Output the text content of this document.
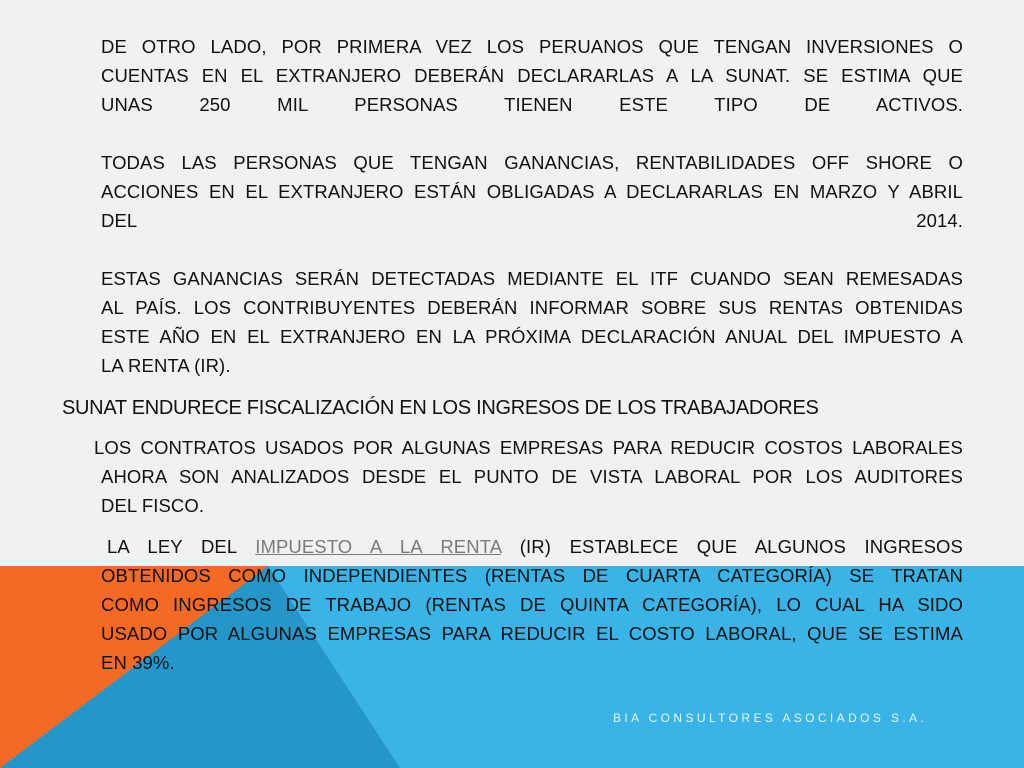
DE OTRO LADO, POR PRIMERA VEZ LOS PERUANOS QUE TENGAN INVERSIONES O
CUENTAS EN EL EXTRANJERO DEBERÁN DECLARARLAS A LA SUNAT. SE ESTIMA QUE
UNAS 250 MIL PERSONAS TIENEN ESTE TIPO DE ACTIVOS.
TODAS LAS PERSONAS QUE TENGAN GANANCIAS, RENTABILIDADES OFF SHORE O
ACCIONES EN EL EXTRANJERO ESTÁN OBLIGADAS A DECLARARLAS EN MARZO Y ABRIL
DEL 2014.
ESTAS GANANCIAS SERÁN DETECTADAS MEDIANTE EL ITF CUANDO SEAN REMESADAS
AL PAÍS. LOS CONTRIBUYENTES DEBERÁN INFORMAR SOBRE SUS RENTAS OBTENIDAS
ESTE AÑO EN EL EXTRANJERO EN LA PRÓXIMA DECLARACIÓN ANUAL DEL IMPUESTO A
LA RENTA (IR).
SUNAT ENDURECE FISCALIZACIÓN EN LOS INGRESOS DE LOS TRABAJADORES
LOS CONTRATOS USADOS POR ALGUNAS EMPRESAS PARA REDUCIR COSTOS LABORALES
AHORA SON ANALIZADOS DESDE EL PUNTO DE VISTA LABORAL POR LOS AUDITORES
DEL FISCO.
LA LEY DEL IMPUESTO A LA RENTA (IR) ESTABLECE QUE ALGUNOS INGRESOS
OBTENIDOS COMO INDEPENDIENTES (RENTAS DE CUARTA CATEGORÍA) SE TRATAN
COMO INGRESOS DE TRABAJO (RENTAS DE QUINTA CATEGORÍA), LO CUAL HA SIDO
USADO POR ALGUNAS EMPRESAS PARA REDUCIR EL COSTO LABORAL, QUE SE ESTIMA
EN 39%.
BIA CONSULTORES ASOCIADOS S.A.
